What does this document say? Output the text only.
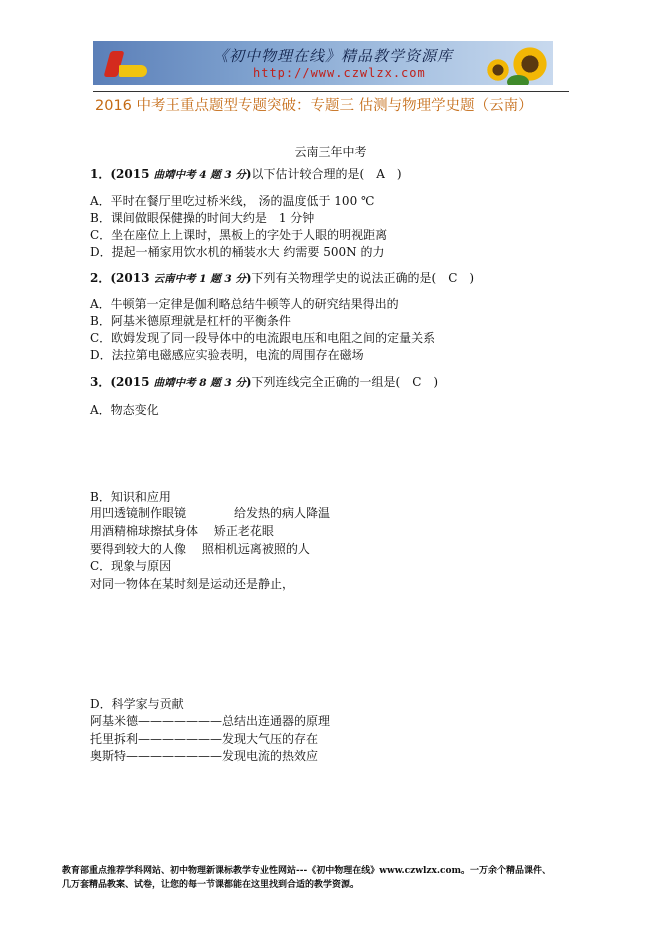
《初中物理在线》精品教学资源库
http://www.czwlzx.com
2016 中考王重点题型专题突破：专题三 估测与物理学史题（云南）
云南三年中考
1．(2015 曲靖中考 4 题 3 分)以下估计较合理的是(　A　)
A．平时在餐厅里吃过桥米线， 汤的温度低于 100 ℃
B．课间做眼保健操的时间大约是　1 分钟
C．坐在座位上上课时，黑板上的字处于人眼的明视距离
D．提起一桶家用饮水机的桶装水大 约需要 500N 的力
2．(2013 云南中考 1 题 3 分)下列有关物理学史的说法正确的是(　C　)
A．牛顿第一定律是伽利略总结牛顿等人的研究结果得出的
B．阿基米德原理就是杠杆的平衡条件
C．欧姆发现了同一段导体中的电流跟电压和电阻之间的定量关系
D．法拉第电磁感应实验表明，电流的周围存在磁场
3．(2015 曲靖中考 8 题 3 分)下列连线完全正确的一组是(　C　)
A．物态变化
B．知识和应用
用凹透镜制作眼镜　　　　给发热的病人降温
用酒精棉球擦拭身体　 矫正老花眼
要得到较大的人像　 照相机远离被照的人
C．现象与原因
对同一物体在某时刻是运动还是静止，
D．科学家与贡献
阿基米德———————总结出连通器的原理
托里拆利———————发现大气压的存在
奥斯特————————发现电流的热效应
教育部重点推荐学科网站、初中物理新课标教学专业性网站---《初中物理在线》www.czwlzx.com。一万余个精品课件、
几万套精品教案、试卷，让您的每一节课都能在这里找到合适的教学资源。
